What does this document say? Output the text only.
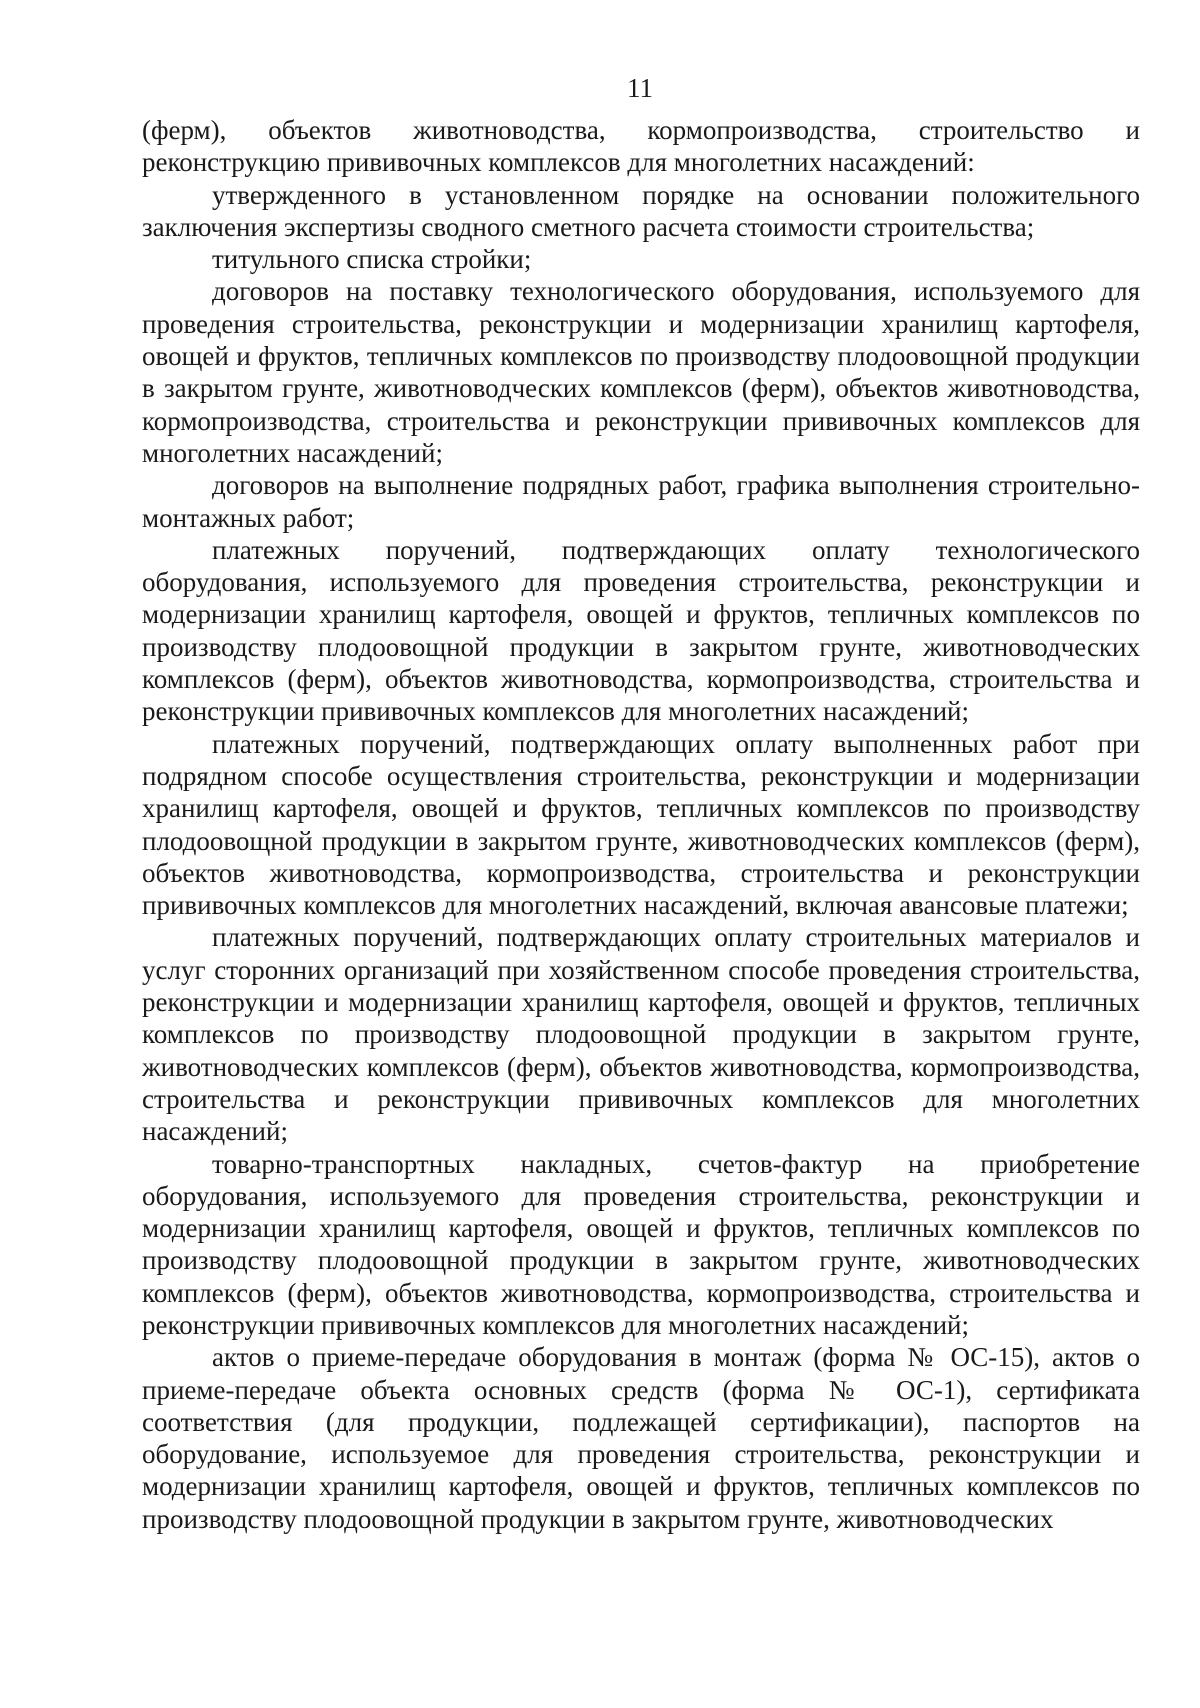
11

(ферм), объектов животноводства, кормопроизводства, строительство и реконструкцию прививочных комплексов для многолетних насаждений:

утвержденного в установленном порядке на основании положительного заключения экспертизы сводного сметного расчета стоимости строительства;

титульного списка стройки;

договоров на поставку технологического оборудования, используемого для проведения строительства, реконструкции и модернизации хранилищ картофеля, овощей и фруктов, тепличных комплексов по производству плодоовощной продукции в закрытом грунте, животноводческих комплексов (ферм), объектов животноводства, кормопроизводства, строительства и реконструкции прививочных комплексов для многолетних насаждений;

договоров на выполнение подрядных работ, графика выполнения строительно-монтажных работ;

платежных поручений, подтверждающих оплату технологического оборудования, используемого для проведения строительства, реконструкции и модернизации хранилищ картофеля, овощей и фруктов, тепличных комплексов по производству плодоовощной продукции в закрытом грунте, животноводческих комплексов (ферм), объектов животноводства, кормопроизводства, строительства и реконструкции прививочных комплексов для многолетних насаждений;

платежных поручений, подтверждающих оплату выполненных работ при подрядном способе осуществления строительства, реконструкции и модернизации хранилищ картофеля, овощей и фруктов, тепличных комплексов по производству плодоовощной продукции в закрытом грунте, животноводческих комплексов (ферм), объектов животноводства, кормопроизводства, строительства и реконструкции прививочных комплексов для многолетних насаждений, включая авансовые платежи;

платежных поручений, подтверждающих оплату строительных материалов и услуг сторонних организаций при хозяйственном способе проведения строительства, реконструкции и модернизации хранилищ картофеля, овощей и фруктов, тепличных комплексов по производству плодоовощной продукции в закрытом грунте, животноводческих комплексов (ферм), объектов животноводства, кормопроизводства, строительства и реконструкции прививочных комплексов для многолетних насаждений;

товарно-транспортных накладных, счетов-фактур на приобретение оборудования, используемого для проведения строительства, реконструкции и модернизации хранилищ картофеля, овощей и фруктов, тепличных комплексов по производству плодоовощной продукции в закрытом грунте, животноводческих комплексов (ферм), объектов животноводства, кормопроизводства, строительства и реконструкции прививочных комплексов для многолетних насаждений;

актов о приеме-передаче оборудования в монтаж (форма № ОС-15), актов о приеме-передаче объекта основных средств (форма № ОС-1), сертификата соответствия (для продукции, подлежащей сертификации), паспортов на оборудование, используемое для проведения строительства, реконструкции и модернизации хранилищ картофеля, овощей и фруктов, тепличных комплексов по производству плодоовощной продукции в закрытом грунте, животноводческих
